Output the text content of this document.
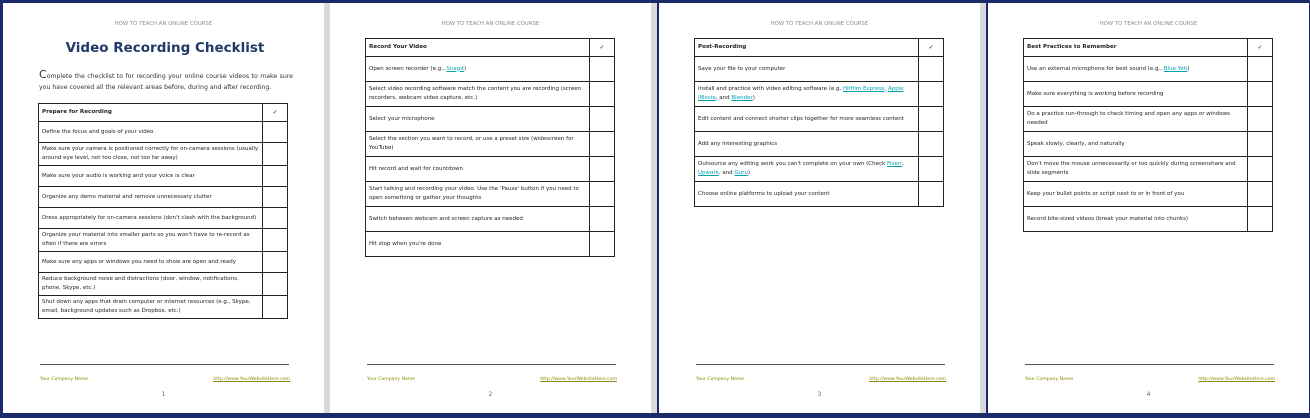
HOW TO TEACH AN ONLINE COURSE
Video Recording Checklist
Complete the checklist to for recording your online course videos to make sure you have covered all the relevant areas before, during and after recording.
Prepare for Recording	✓
Define the focus and goals of your video	
Make sure your camera is positioned correctly for on-camera sessions (usually around eye level, not too close, not too far away)	
Make sure your audio is working and your voice is clear	
Organize any demo material and remove unnecessary clutter	
Dress appropriately for on-camera sessions (don't clash with the background)	
Organize your material into smaller parts so you won't have to re-record as often if there are errors	
Make sure any apps or windows you need to show are open and ready	
Reduce background noise and distractions (door, window, notifications, phone, Skype, etc.)	
Shut down any apps that drain computer or internet resources (e.g., Skype, email, background updates such as Dropbox, etc.)	
Your Company Name	http://www.YourWebsiteHere.com
1
HOW TO TEACH AN ONLINE COURSE
Record Your Video	✓
Open screen recorder (e.g., Snagit)	
Select video recording software match the content you are recording (screen recorders, webcam video capture, etc.)	
Select your microphone	
Select the section you want to record, or use a preset size (widescreen for YouTube)	
Hit record and wait for countdown	
Start talking and recording your video. Use the 'Pause' button if you need to open something or gather your thoughts	
Switch between webcam and screen capture as needed	
Hit stop when you're done	
Your Company Name	http://www.YourWebsiteHere.com
2
HOW TO TEACH AN ONLINE COURSE
Post-Recording	✓
Save your file to your computer	
Install and practice with video editing software (e.g. Hitfilm Express, Apple iMovie, and Blender)	
Edit content and connect shorter clips together for more seamless content	
Add any interesting graphics	
Outsource any editing work you can't complete on your own (Check Fiverr, Upwork, and Guru)	
Choose online platforms to upload your content	
Your Company Name	http://www.YourWebsiteHere.com
3
HOW TO TEACH AN ONLINE COURSE
Best Practices to Remember	✓
Use an external microphone for best sound (e.g., Blue Yeti)	
Make sure everything is working before recording	
Do a practice run-through to check timing and open any apps or windows needed	
Speak slowly, clearly, and naturally	
Don't move the mouse unnecessarily or too quickly during screenshare and slide segments	
Keep your bullet points or script next to or in front of you	
Record bite-sized videos (break your material into chunks)	
Your Company Name	http://www.YourWebsiteHere.com
4
